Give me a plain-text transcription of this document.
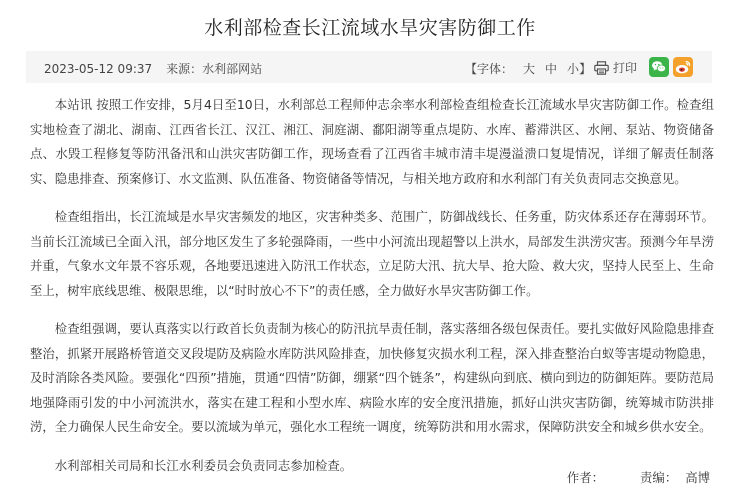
水利部检查长江流域水旱灾害防御工作
2023-05-12 09:37 来源：水利部网站	【字体： 大 中 小】	打印

本站讯 按照工作安排，5月4日至10日，水利部总工程师仲志余率水利部检查组检查长江流域水旱灾害防御工作。检查组实地检查了湖北、湖南、江西省长江、汉江、湘江、洞庭湖、鄱阳湖等重点堤防、水库、蓄滞洪区、水闸、泵站、物资储备点、水毁工程修复等防汛备汛和山洪灾害防御工作，现场查看了江西省丰城市清丰堤漫溢溃口复堤情况，详细了解责任制落实、隐患排查、预案修订、水文监测、队伍准备、物资储备等情况，与相关地方政府和水利部门有关负责同志交换意见。

检查组指出，长江流域是水旱灾害频发的地区，灾害种类多、范围广，防御战线长、任务重，防灾体系还存在薄弱环节。当前长江流域已全面入汛，部分地区发生了多轮强降雨，一些中小河流出现超警以上洪水，局部发生洪涝灾害。预测今年旱涝并重，气象水文年景不容乐观，各地要迅速进入防汛工作状态，立足防大汛、抗大旱、抢大险、救大灾，坚持人民至上、生命至上，树牢底线思维、极限思维，以“时时放心不下”的责任感，全力做好水旱灾害防御工作。

检查组强调，要认真落实以行政首长负责制为核心的防汛抗旱责任制，落实落细各级包保责任。要扎实做好风险隐患排查整治，抓紧开展路桥管道交叉段堤防及病险水库防洪风险排查，加快修复灾损水利工程，深入排查整治白蚁等害堤动物隐患，及时消除各类风险。要强化“四预”措施，贯通“四情”防御，绷紧“四个链条”，构建纵向到底、横向到边的防御矩阵。要防范局地强降雨引发的中小河流洪水，落实在建工程和小型水库、病险水库的安全度汛措施，抓好山洪灾害防御，统筹城市防洪排涝，全力确保人民生命安全。要以流域为单元，强化水工程统一调度，统筹防洪和用水需求，保障防洪安全和城乡供水安全。

水利部相关司局和长江水利委员会负责同志参加检查。

作者：	责编： 高博
